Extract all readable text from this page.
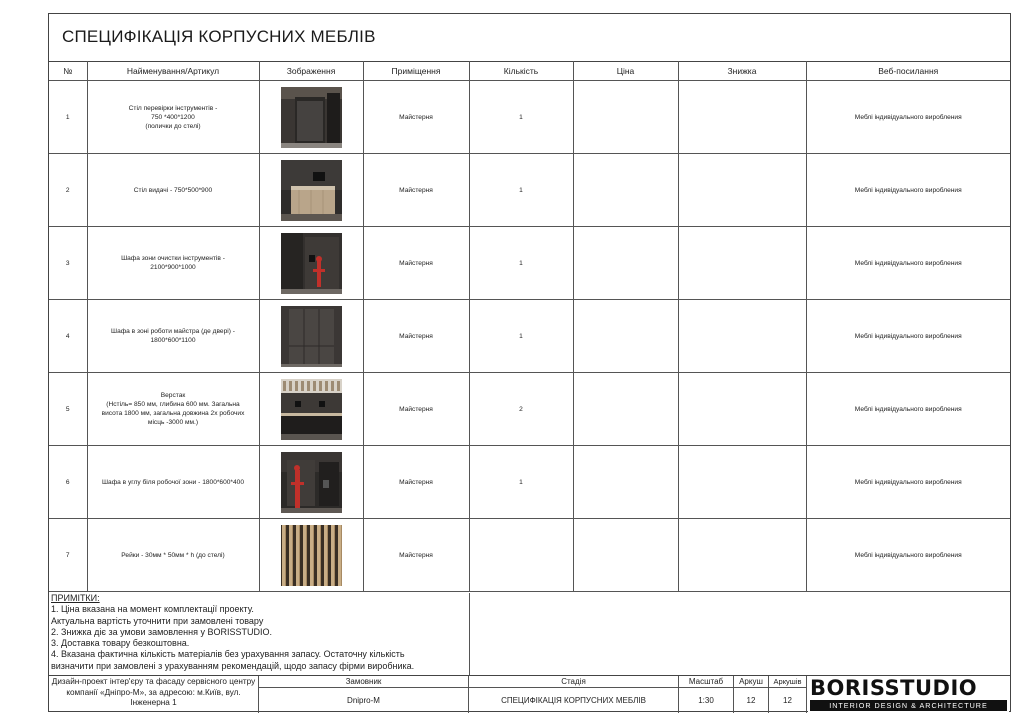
СПЕЦИФІКАЦІЯ КОРПУСНИХ МЕБЛІВ
№	Найменування/Артикул	Зображення	Приміщення	Кількість	Ціна	Знижка	Веб-посилання
1	Стіл перевірки інструментів -
750 *400*1200
(полички до стелі)		Майстерня	1			Меблі індивідуального виробления
2	Стіл видачі - 750*500*900		Майстерня	1			Меблі індивідуального виробления
3	Шафа зони очистки інструментів -
2100*900*1000		Майстерня	1			Меблі індивідуального виробления
4	Шафа в зоні роботи майстра (де двері) -
1800*600*1100		Майстерня	1			Меблі індивідуального виробления
5	Верстак
(Hстіль= 850 мм, глибина 600 мм. Загальна
висота 1800 мм, загальна довжина 2х робочих
місць -3000 мм.)		Майстерня	2			Меблі індивідуального виробления
6	Шафа в углу біля робочої зони - 1800*600*400		Майстерня	1			Меблі індивідуального виробления
7	Рейки - 30мм * 50мм * h (до стелі)		Майстерня				Меблі індивідуального виробления
ПРИМІТКИ:
1. Ціна вказана на момент комплектації проекту.
Актуальна вартість уточнити при замовлені товару
2. Знижка діє за умови замовлення у BORISSTUDIO.
3. Доставка товару безкоштовна.
4. Вказана фактична кількість матеріалів без урахування запасу. Остаточну кількість
визначити при замовлені з урахуванням рекомендацій, щодо запасу фірми виробника.
Дизайн-проект інтер'єру та фасаду сервісного центру компанії «Дніпро-М», за адресою: м.Київ, вул. Інженерна 1
Замовник
Dnipro-M
Стадія
СПЕЦИФІКАЦІЯ КОРПУСНИХ МЕБЛІВ
Масштаб
1:30
Аркуш
12
Аркушів
12
BORISSTUDIO
INTERIOR DESIGN & ARCHITECTURE
